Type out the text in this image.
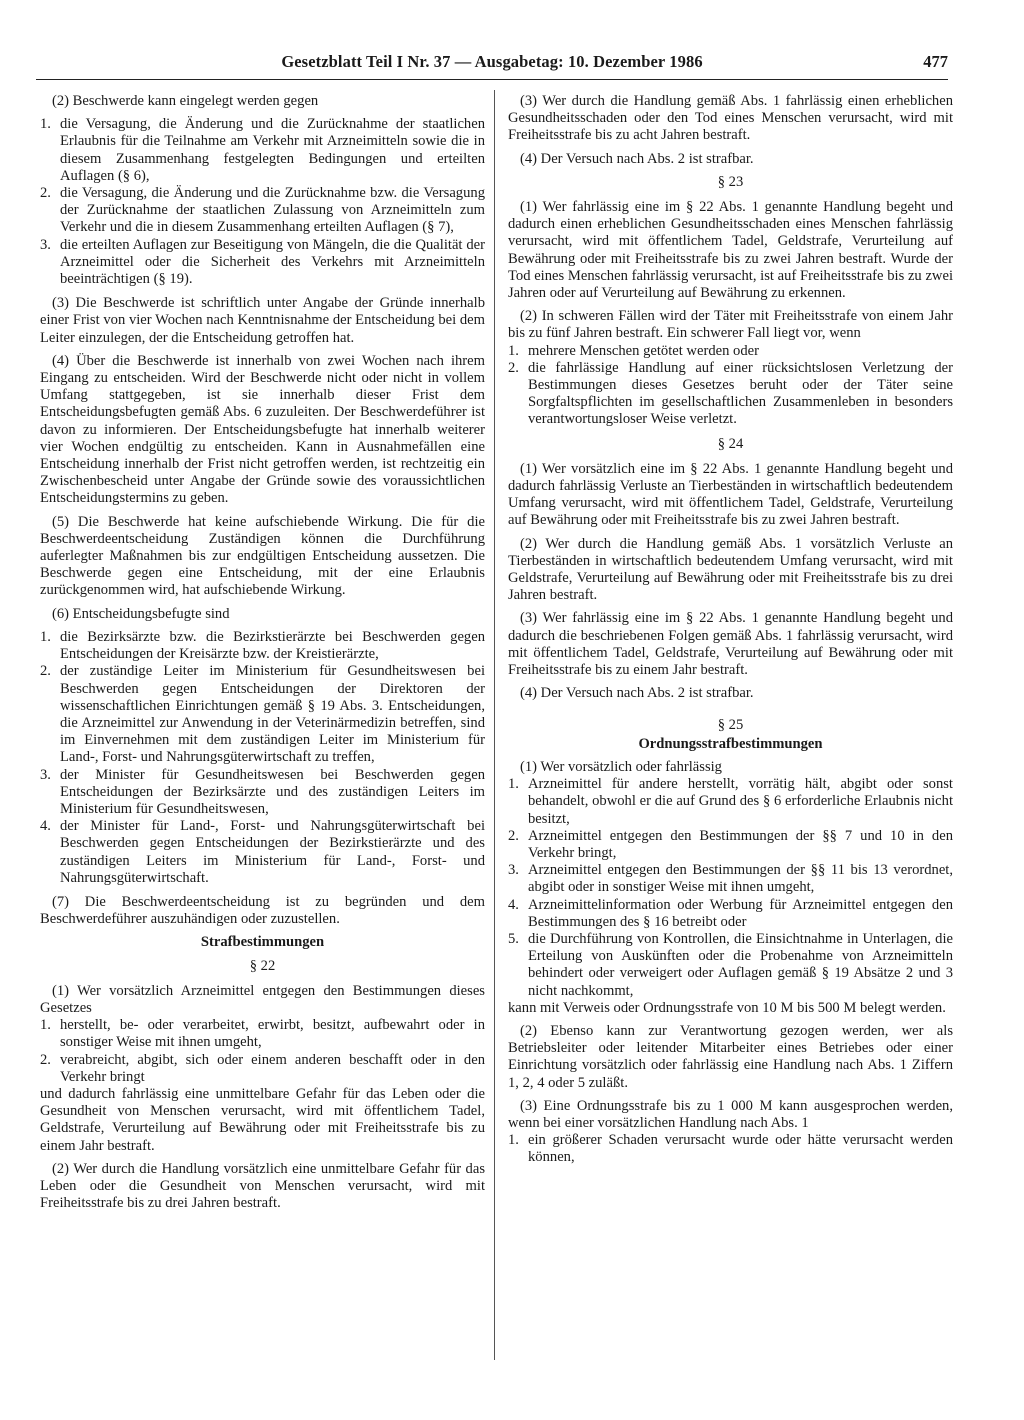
Gesetzblatt Teil I Nr. 37 — Ausgabetag: 10. Dezember 1986	477

(2) Beschwerde kann eingelegt werden gegen

1. die Versagung, die Änderung und die Zurücknahme der staatlichen Erlaubnis für die Teilnahme am Verkehr mit Arzneimitteln sowie die in diesem Zusammenhang festgelegten Bedingungen und erteilten Auflagen (§ 6),
2. die Versagung, die Änderung und die Zurücknahme bzw. die Versagung der Zurücknahme der staatlichen Zulassung von Arzneimitteln zum Verkehr und die in diesem Zusammenhang erteilten Auflagen (§ 7),
3. die erteilten Auflagen zur Beseitigung von Mängeln, die die Qualität der Arzneimittel oder die Sicherheit des Verkehrs mit Arzneimitteln beeinträchtigen (§ 19).

(3) Die Beschwerde ist schriftlich unter Angabe der Gründe innerhalb einer Frist von vier Wochen nach Kenntnisnahme der Entscheidung bei dem Leiter einzulegen, der die Entscheidung getroffen hat.

(4) Über die Beschwerde ist innerhalb von zwei Wochen nach ihrem Eingang zu entscheiden. Wird der Beschwerde nicht oder nicht in vollem Umfang stattgegeben, ist sie innerhalb dieser Frist dem Entscheidungsbefugten gemäß Abs. 6 zuzuleiten. Der Beschwerdeführer ist davon zu informieren. Der Entscheidungsbefugte hat innerhalb weiterer vier Wochen endgültig zu entscheiden. Kann in Ausnahmefällen eine Entscheidung innerhalb der Frist nicht getroffen werden, ist rechtzeitig ein Zwischenbescheid unter Angabe der Gründe sowie des voraussichtlichen Entscheidungstermins zu geben.

(5) Die Beschwerde hat keine aufschiebende Wirkung. Die für die Beschwerdeentscheidung Zuständigen können die Durchführung auferlegter Maßnahmen bis zur endgültigen Entscheidung aussetzen. Die Beschwerde gegen eine Entscheidung, mit der eine Erlaubnis zurückgenommen wird, hat aufschiebende Wirkung.

(6) Entscheidungsbefugte sind

1. die Bezirksärzte bzw. die Bezirkstierärzte bei Beschwerden gegen Entscheidungen der Kreisärzte bzw. der Kreistierärzte,
2. der zuständige Leiter im Ministerium für Gesundheitswesen bei Beschwerden gegen Entscheidungen der Direktoren der wissenschaftlichen Einrichtungen gemäß § 19 Abs. 3. Entscheidungen, die Arzneimittel zur Anwendung in der Veterinärmedizin betreffen, sind im Einvernehmen mit dem zuständigen Leiter im Ministerium für Land-, Forst- und Nahrungsgüterwirtschaft zu treffen,
3. der Minister für Gesundheitswesen bei Beschwerden gegen Entscheidungen der Bezirksärzte und des zuständigen Leiters im Ministerium für Gesundheitswesen,
4. der Minister für Land-, Forst- und Nahrungsgüterwirtschaft bei Beschwerden gegen Entscheidungen der Bezirkstierärzte und des zuständigen Leiters im Ministerium für Land-, Forst- und Nahrungsgüterwirtschaft.

(7) Die Beschwerdeentscheidung ist zu begründen und dem Beschwerdeführer auszuhändigen oder zuzustellen.

Strafbestimmungen
§ 22

(1) Wer vorsätzlich Arzneimittel entgegen den Bestimmungen dieses Gesetzes

1. herstellt, be- oder verarbeitet, erwirbt, besitzt, aufbewahrt oder in sonstiger Weise mit ihnen umgeht,
2. verabreicht, abgibt, sich oder einem anderen beschafft oder in den Verkehr bringt

und dadurch fahrlässig eine unmittelbare Gefahr für das Leben oder die Gesundheit von Menschen verursacht, wird mit öffentlichem Tadel, Geldstrafe, Verurteilung auf Bewährung oder mit Freiheitsstrafe bis zu einem Jahr bestraft.

(2) Wer durch die Handlung vorsätzlich eine unmittelbare Gefahr für das Leben oder die Gesundheit von Menschen verursacht, wird mit Freiheitsstrafe bis zu drei Jahren bestraft.

(3) Wer durch die Handlung gemäß Abs. 1 fahrlässig einen erheblichen Gesundheitsschaden oder den Tod eines Menschen verursacht, wird mit Freiheitsstrafe bis zu acht Jahren bestraft.

(4) Der Versuch nach Abs. 2 ist strafbar.

§ 23

(1) Wer fahrlässig eine im § 22 Abs. 1 genannte Handlung begeht und dadurch einen erheblichen Gesundheitsschaden eines Menschen fahrlässig verursacht, wird mit öffentlichem Tadel, Geldstrafe, Verurteilung auf Bewährung oder mit Freiheitsstrafe bis zu zwei Jahren bestraft. Wurde der Tod eines Menschen fahrlässig verursacht, ist auf Freiheitsstrafe bis zu zwei Jahren oder auf Verurteilung auf Bewährung zu erkennen.

(2) In schweren Fällen wird der Täter mit Freiheitsstrafe von einem Jahr bis zu fünf Jahren bestraft. Ein schwerer Fall liegt vor, wenn

1. mehrere Menschen getötet werden oder
2. die fahrlässige Handlung auf einer rücksichtslosen Verletzung der Bestimmungen dieses Gesetzes beruht oder der Täter seine Sorgfaltspflichten im gesellschaftlichen Zusammenleben in besonders verantwortungsloser Weise verletzt.
§ 24

(1) Wer vorsätzlich eine im § 22 Abs. 1 genannte Handlung begeht und dadurch fahrlässig Verluste an Tierbeständen in wirtschaftlich bedeutendem Umfang verursacht, wird mit öffentlichem Tadel, Geldstrafe, Verurteilung auf Bewährung oder mit Freiheitsstrafe bis zu zwei Jahren bestraft.

(2) Wer durch die Handlung gemäß Abs. 1 vorsätzlich Verluste an Tierbeständen in wirtschaftlich bedeutendem Umfang verursacht, wird mit Geldstrafe, Verurteilung auf Bewährung oder mit Freiheitsstrafe bis zu drei Jahren bestraft.

(3) Wer fahrlässig eine im § 22 Abs. 1 genannte Handlung begeht und dadurch die beschriebenen Folgen gemäß Abs. 1 fahrlässig verursacht, wird mit öffentlichem Tadel, Geldstrafe, Verurteilung auf Bewährung oder mit Freiheitsstrafe bis zu einem Jahr bestraft.

(4) Der Versuch nach Abs. 2 ist strafbar.

§ 25
Ordnungsstrafbestimmungen

(1) Wer vorsätzlich oder fahrlässig

1. Arzneimittel für andere herstellt, vorrätig hält, abgibt oder sonst behandelt, obwohl er die auf Grund des § 6 erforderliche Erlaubnis nicht besitzt,
2. Arzneimittel entgegen den Bestimmungen der §§ 7 und 10 in den Verkehr bringt,
3. Arzneimittel entgegen den Bestimmungen der §§ 11 bis 13 verordnet, abgibt oder in sonstiger Weise mit ihnen umgeht,
4. Arzneimittelinformation oder Werbung für Arzneimittel entgegen den Bestimmungen des § 16 betreibt oder
5. die Durchführung von Kontrollen, die Einsichtnahme in Unterlagen, die Erteilung von Auskünften oder die Probenahme von Arzneimitteln behindert oder verweigert oder Auflagen gemäß § 19 Absätze 2 und 3 nicht nachkommt,

kann mit Verweis oder Ordnungsstrafe von 10 M bis 500 M belegt werden.

(2) Ebenso kann zur Verantwortung gezogen werden, wer als Betriebsleiter oder leitender Mitarbeiter eines Betriebes oder einer Einrichtung vorsätzlich oder fahrlässig eine Handlung nach Abs. 1 Ziffern 1, 2, 4 oder 5 zuläßt.

(3) Eine Ordnungsstrafe bis zu 1 000 M kann ausgesprochen werden, wenn bei einer vorsätzlichen Handlung nach Abs. 1

1. ein größerer Schaden verursacht wurde oder hätte verursacht werden können,
